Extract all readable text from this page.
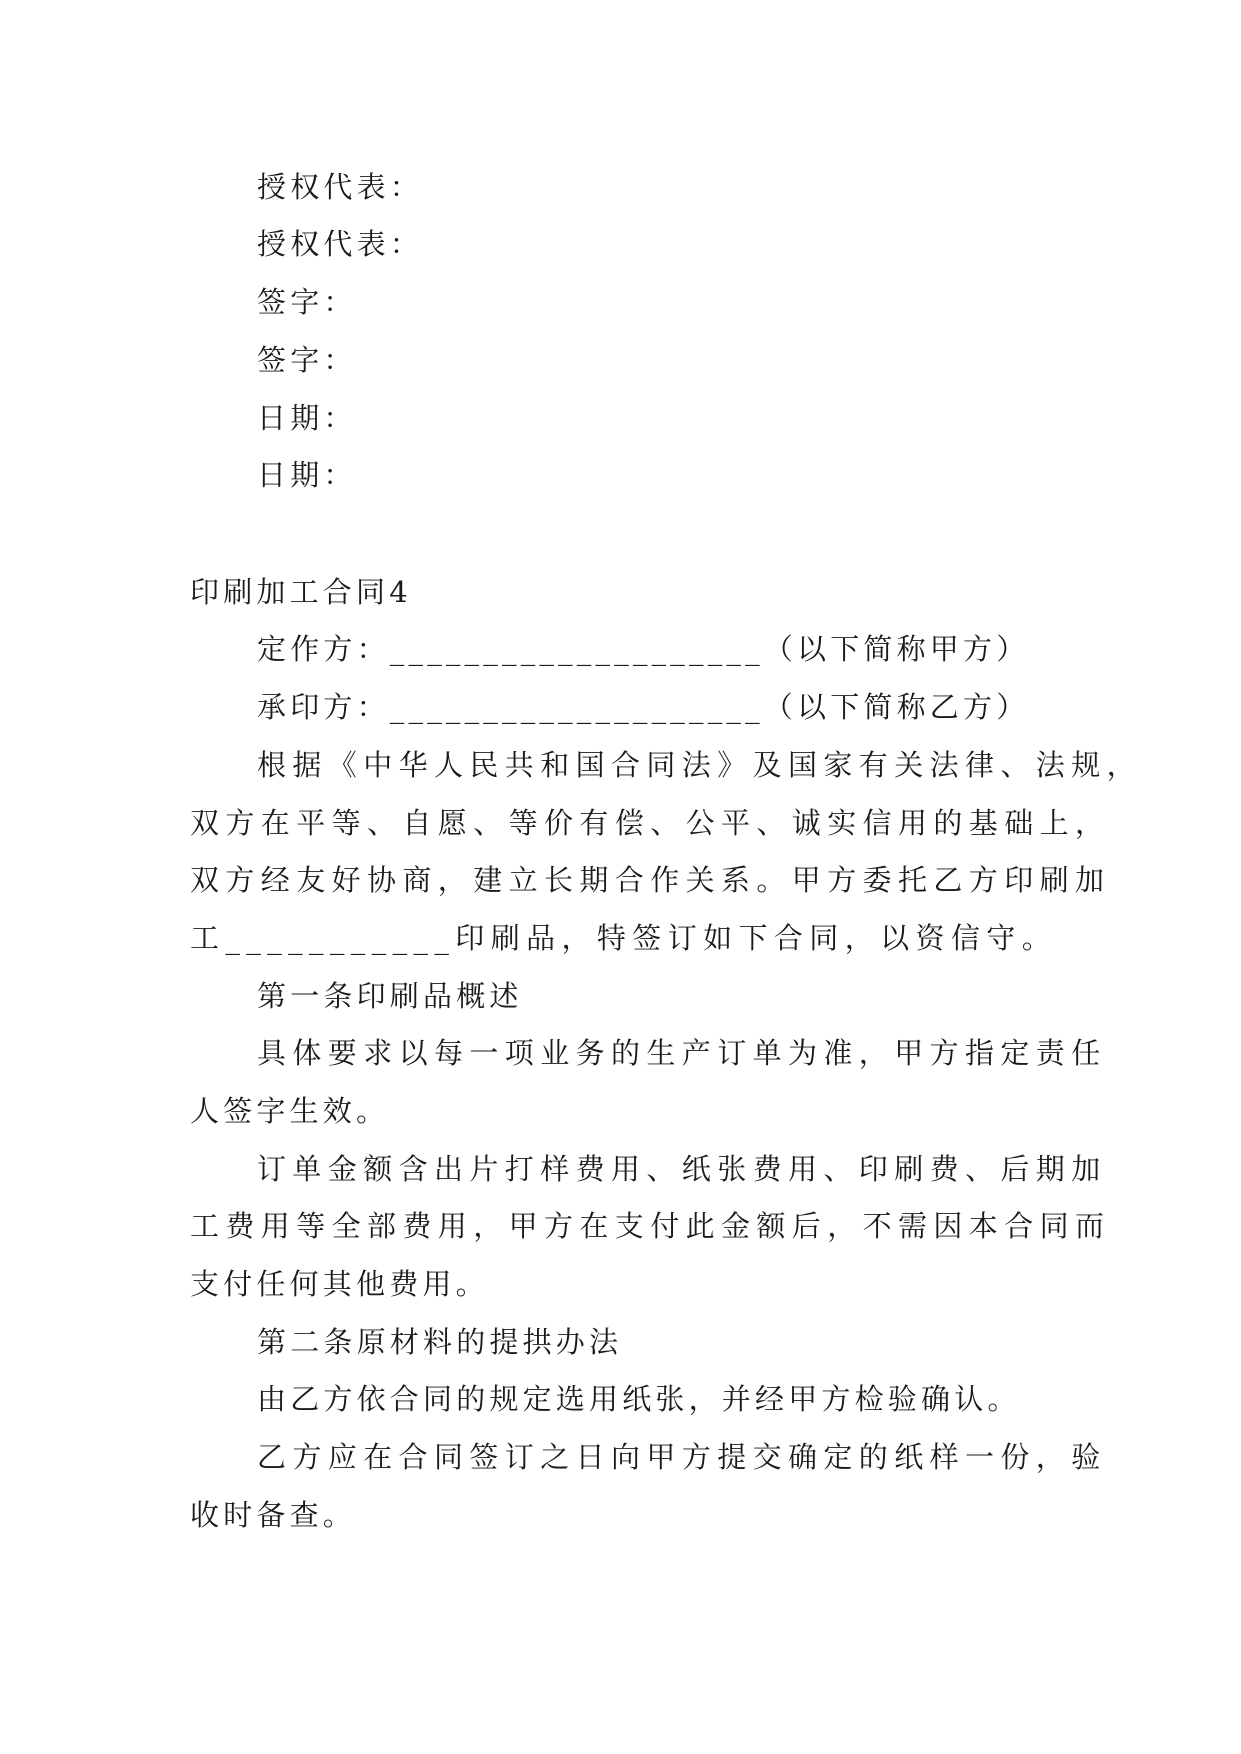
授权代表：
授权代表：
签字：
签字：
日期：
日期：
印刷加工合同4
定作方：____________________（以下简称甲方）
承印方：____________________（以下简称乙方）
根据《中华人民共和国合同法》及国家有关法律、法规，
双方在平等、自愿、等价有偿、公平、诚实信用的基础上，
双方经友好协商，建立长期合作关系。甲方委托乙方印刷加
工___________印刷品，特签订如下合同，以资信守。
第一条印刷品概述
具体要求以每一项业务的生产订单为准，甲方指定责任
人签字生效。
订单金额含出片打样费用、纸张费用、印刷费、后期加
工费用等全部费用，甲方在支付此金额后，不需因本合同而
支付任何其他费用。
第二条原材料的提拱办法
由乙方依合同的规定选用纸张，并经甲方检验确认。
乙方应在合同签订之日向甲方提交确定的纸样一份，验
收时备查。
